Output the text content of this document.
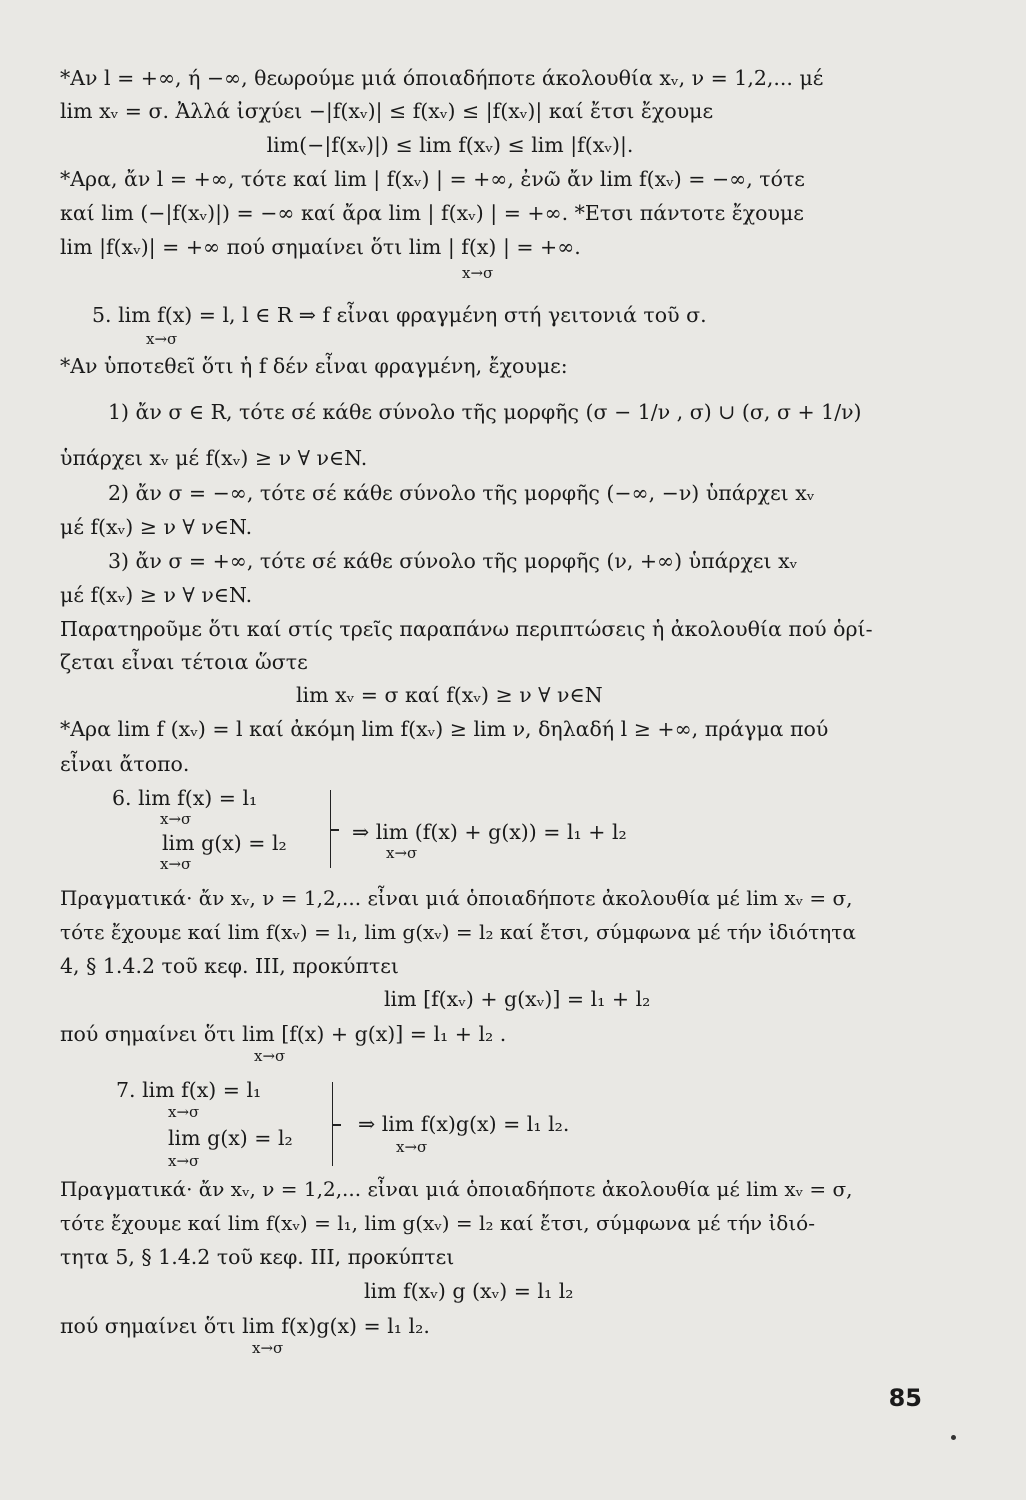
*Αν l = +∞, ή −∞, θεωρούμε μιά όποιαδήποτε άκολουθία xᵥ, ν = 1,2,... μέ
lim xᵥ = σ. Ἀλλά ἰσχύει −|f(xᵥ)| ≤ f(xᵥ) ≤ |f(xᵥ)| καί ἔτσι ἔχουμε
lim(−|f(xᵥ)|) ≤ lim f(xᵥ) ≤ lim |f(xᵥ)|.
*Αρα, ἄν l = +∞, τότε καί lim | f(xᵥ) | = +∞, ἐνῶ ἄν lim f(xᵥ) = −∞, τότε
καί lim (−|f(xᵥ)|) = −∞ καί ἄρα lim | f(xᵥ) | = +∞. *Ετσι πάντοτε ἔχουμε
lim |f(xᵥ)| = +∞ πού σημαίνει ὅτι lim | f(x) | = +∞.
x→σ
5. lim f(x) = l, l ∈ R ⇒ f εἶναι φραγμένη στή γειτονιά τοῦ σ.
x→σ
*Αν ὑποτεθεῖ ὅτι ἡ f δέν εἶναι φραγμένη, ἔχουμε:
1) ἄν σ ∈ R, τότε σέ κάθε σύνολο τῆς μορφῆς (σ − 1/ν , σ) ∪ (σ, σ + 1/ν)
ὑπάρχει xᵥ μέ f(xᵥ) ≥ ν ∀ ν∈N.
2) ἄν σ = −∞, τότε σέ κάθε σύνολο τῆς μορφῆς (−∞, −ν) ὑπάρχει xᵥ
μέ f(xᵥ) ≥ ν ∀ ν∈N.
3) ἄν σ = +∞, τότε σέ κάθε σύνολο τῆς μορφῆς (ν, +∞) ὑπάρχει xᵥ
μέ f(xᵥ) ≥ ν ∀ ν∈N.
Παρατηροῦμε ὅτι καί στίς τρεῖς παραπάνω περιπτώσεις ἡ ἀκολουθία πού ὁρί-
ζεται εἶναι τέτοια ὥστε
lim xᵥ = σ καί f(xᵥ) ≥ ν ∀ ν∈N
*Αρα lim f (xᵥ) = l καί ἀκόμη lim f(xᵥ) ≥ lim ν, δηλαδή l ≥ +∞, πράγμα πού
εἶναι ἄτοπο.
6. lim f(x) = l₁
x→σ
lim g(x) = l₂
x→σ
⇒ lim (f(x) + g(x)) = l₁ + l₂
x→σ
Πραγματικά· ἄν xᵥ, ν = 1,2,... εἶναι μιά ὁποιαδήποτε ἀκολουθία μέ lim xᵥ = σ,
τότε ἔχουμε καί lim f(xᵥ) = l₁, lim g(xᵥ) = l₂ καί ἔτσι, σύμφωνα μέ τήν ἰδιότητα
4, § 1.4.2 τοῦ κεφ. III, προκύπτει
lim [f(xᵥ) + g(xᵥ)] = l₁ + l₂
πού σημαίνει ὅτι lim [f(x) + g(x)] = l₁ + l₂ .
x→σ
7. lim f(x) = l₁
x→σ
lim g(x) = l₂
x→σ
⇒ lim f(x)g(x) = l₁ l₂.
x→σ
Πραγματικά· ἄν xᵥ, ν = 1,2,... εἶναι μιά ὁποιαδήποτε ἀκολουθία μέ lim xᵥ = σ,
τότε ἔχουμε καί lim f(xᵥ) = l₁, lim g(xᵥ) = l₂ καί ἔτσι, σύμφωνα μέ τήν ἰδιό-
τητα 5, § 1.4.2 τοῦ κεφ. III, προκύπτει
lim f(xᵥ) g (xᵥ) = l₁ l₂
πού σημαίνει ὅτι lim f(x)g(x) = l₁ l₂.
x→σ
85
